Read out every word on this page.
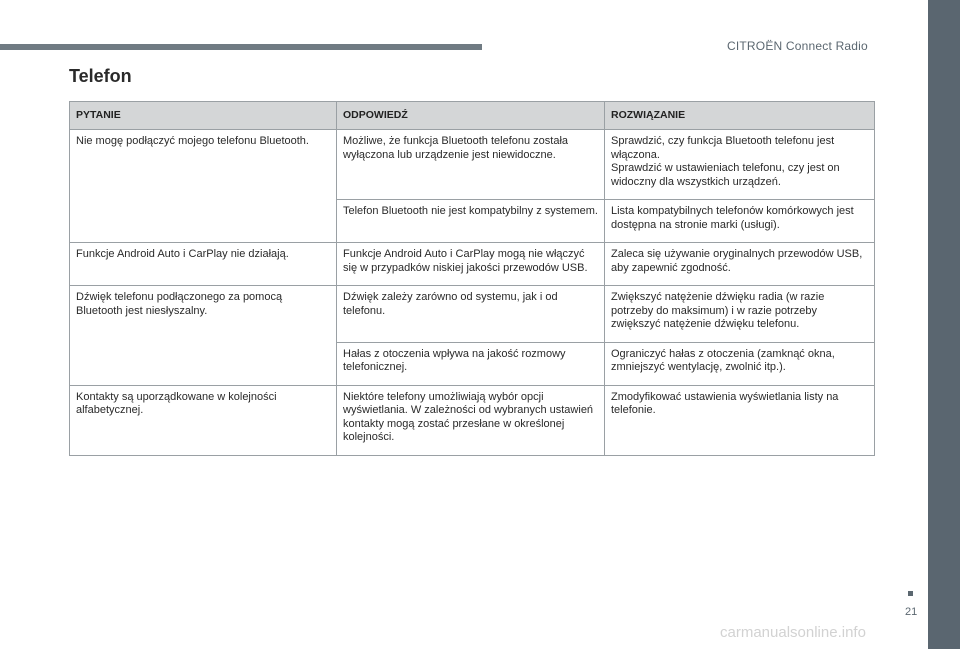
CITROËN Connect Radio
Telefon
PYTANIE	ODPOWIEDŹ	ROZWIĄZANIE
Nie mogę podłączyć mojego telefonu Bluetooth.	Możliwe, że funkcja Bluetooth telefonu została wyłączona lub urządzenie jest niewidoczne.	Sprawdzić, czy funkcja Bluetooth telefonu jest włączona.
Sprawdzić w ustawieniach telefonu, czy jest on widoczny dla wszystkich urządzeń.
	Telefon Bluetooth nie jest kompatybilny z systemem.	Lista kompatybilnych telefonów komórkowych jest dostępna na stronie marki (usługi).
Funkcje Android Auto i CarPlay nie działają.	Funkcje Android Auto i CarPlay mogą nie włączyć się w przypadków niskiej jakości przewodów USB.	Zaleca się używanie oryginalnych przewodów USB, aby zapewnić zgodność.
Dźwięk telefonu podłączonego za pomocą Bluetooth jest niesłyszalny.	Dźwięk zależy zarówno od systemu, jak i od telefonu.	Zwiększyć natężenie dźwięku radia (w razie potrzeby do maksimum) i w razie potrzeby zwiększyć natężenie dźwięku telefonu.
	Hałas z otoczenia wpływa na jakość rozmowy telefonicznej.	Ograniczyć hałas z otoczenia (zamknąć okna, zmniejszyć wentylację, zwolnić itp.).
Kontakty są uporządkowane w kolejności alfabetycznej.	Niektóre telefony umożliwiają wybór opcji wyświetlania. W zależności od wybranych ustawień kontakty mogą zostać przesłane w określonej kolejności.	Zmodyfikować ustawienia wyświetlania listy na telefonie.
21
carmanualsonline.info
